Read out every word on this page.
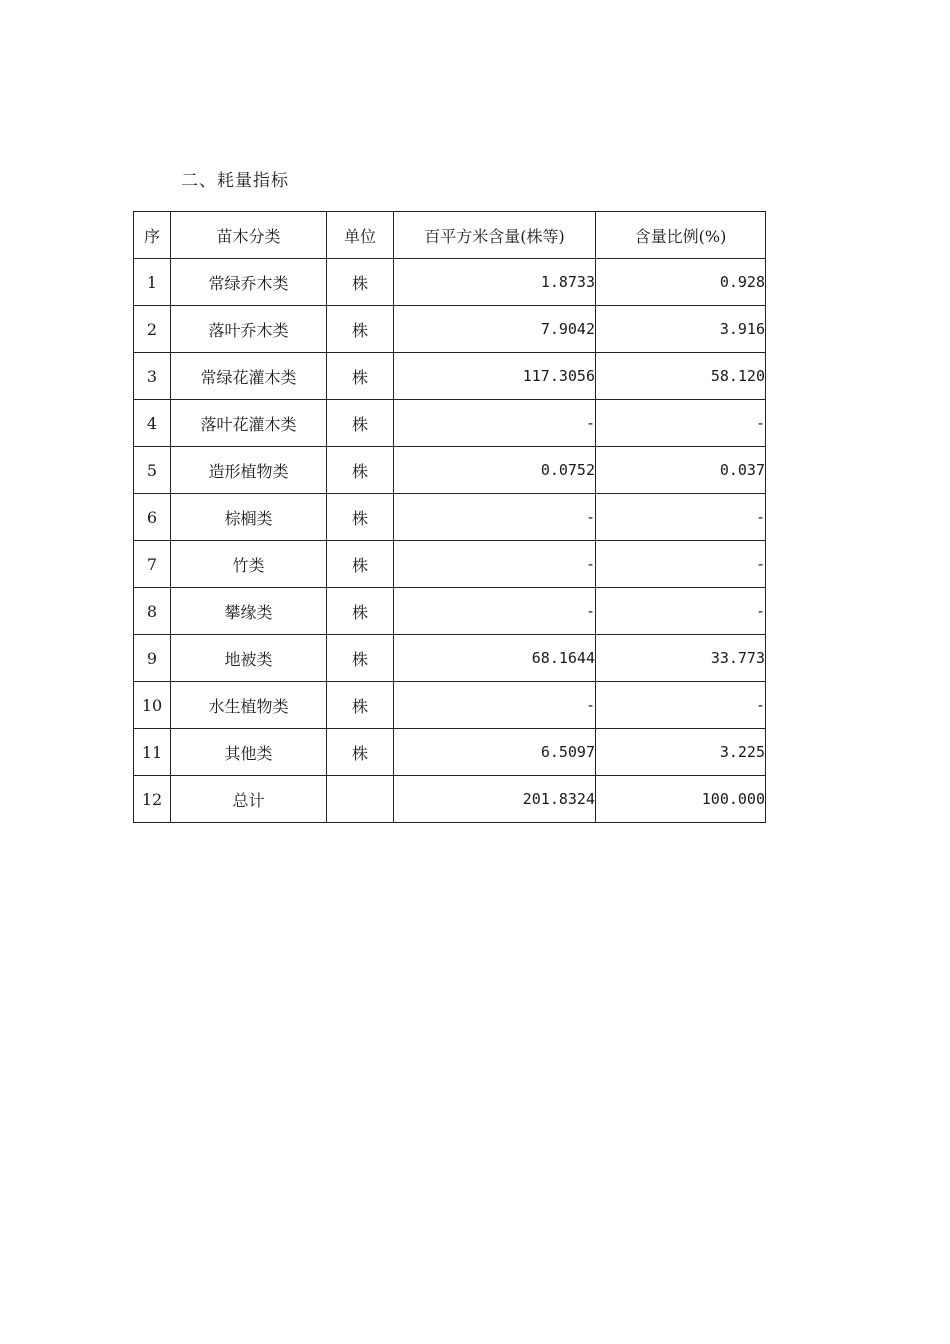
二、耗量指标
序	苗木分类	单位	百平方米含量(株等)	含量比例(%)
1	常绿乔木类	株	1.8733	0.928
2	落叶乔木类	株	7.9042	3.916
3	常绿花灌木类	株	117.3056	58.120
4	落叶花灌木类	株	-	-
5	造形植物类	株	0.0752	0.037
6	棕榈类	株	-	-
7	竹类	株	-	-
8	攀缘类	株	-	-
9	地被类	株	68.1644	33.773
10	水生植物类	株	-	-
11	其他类	株	6.5097	3.225
12	总计		201.8324	100.000
